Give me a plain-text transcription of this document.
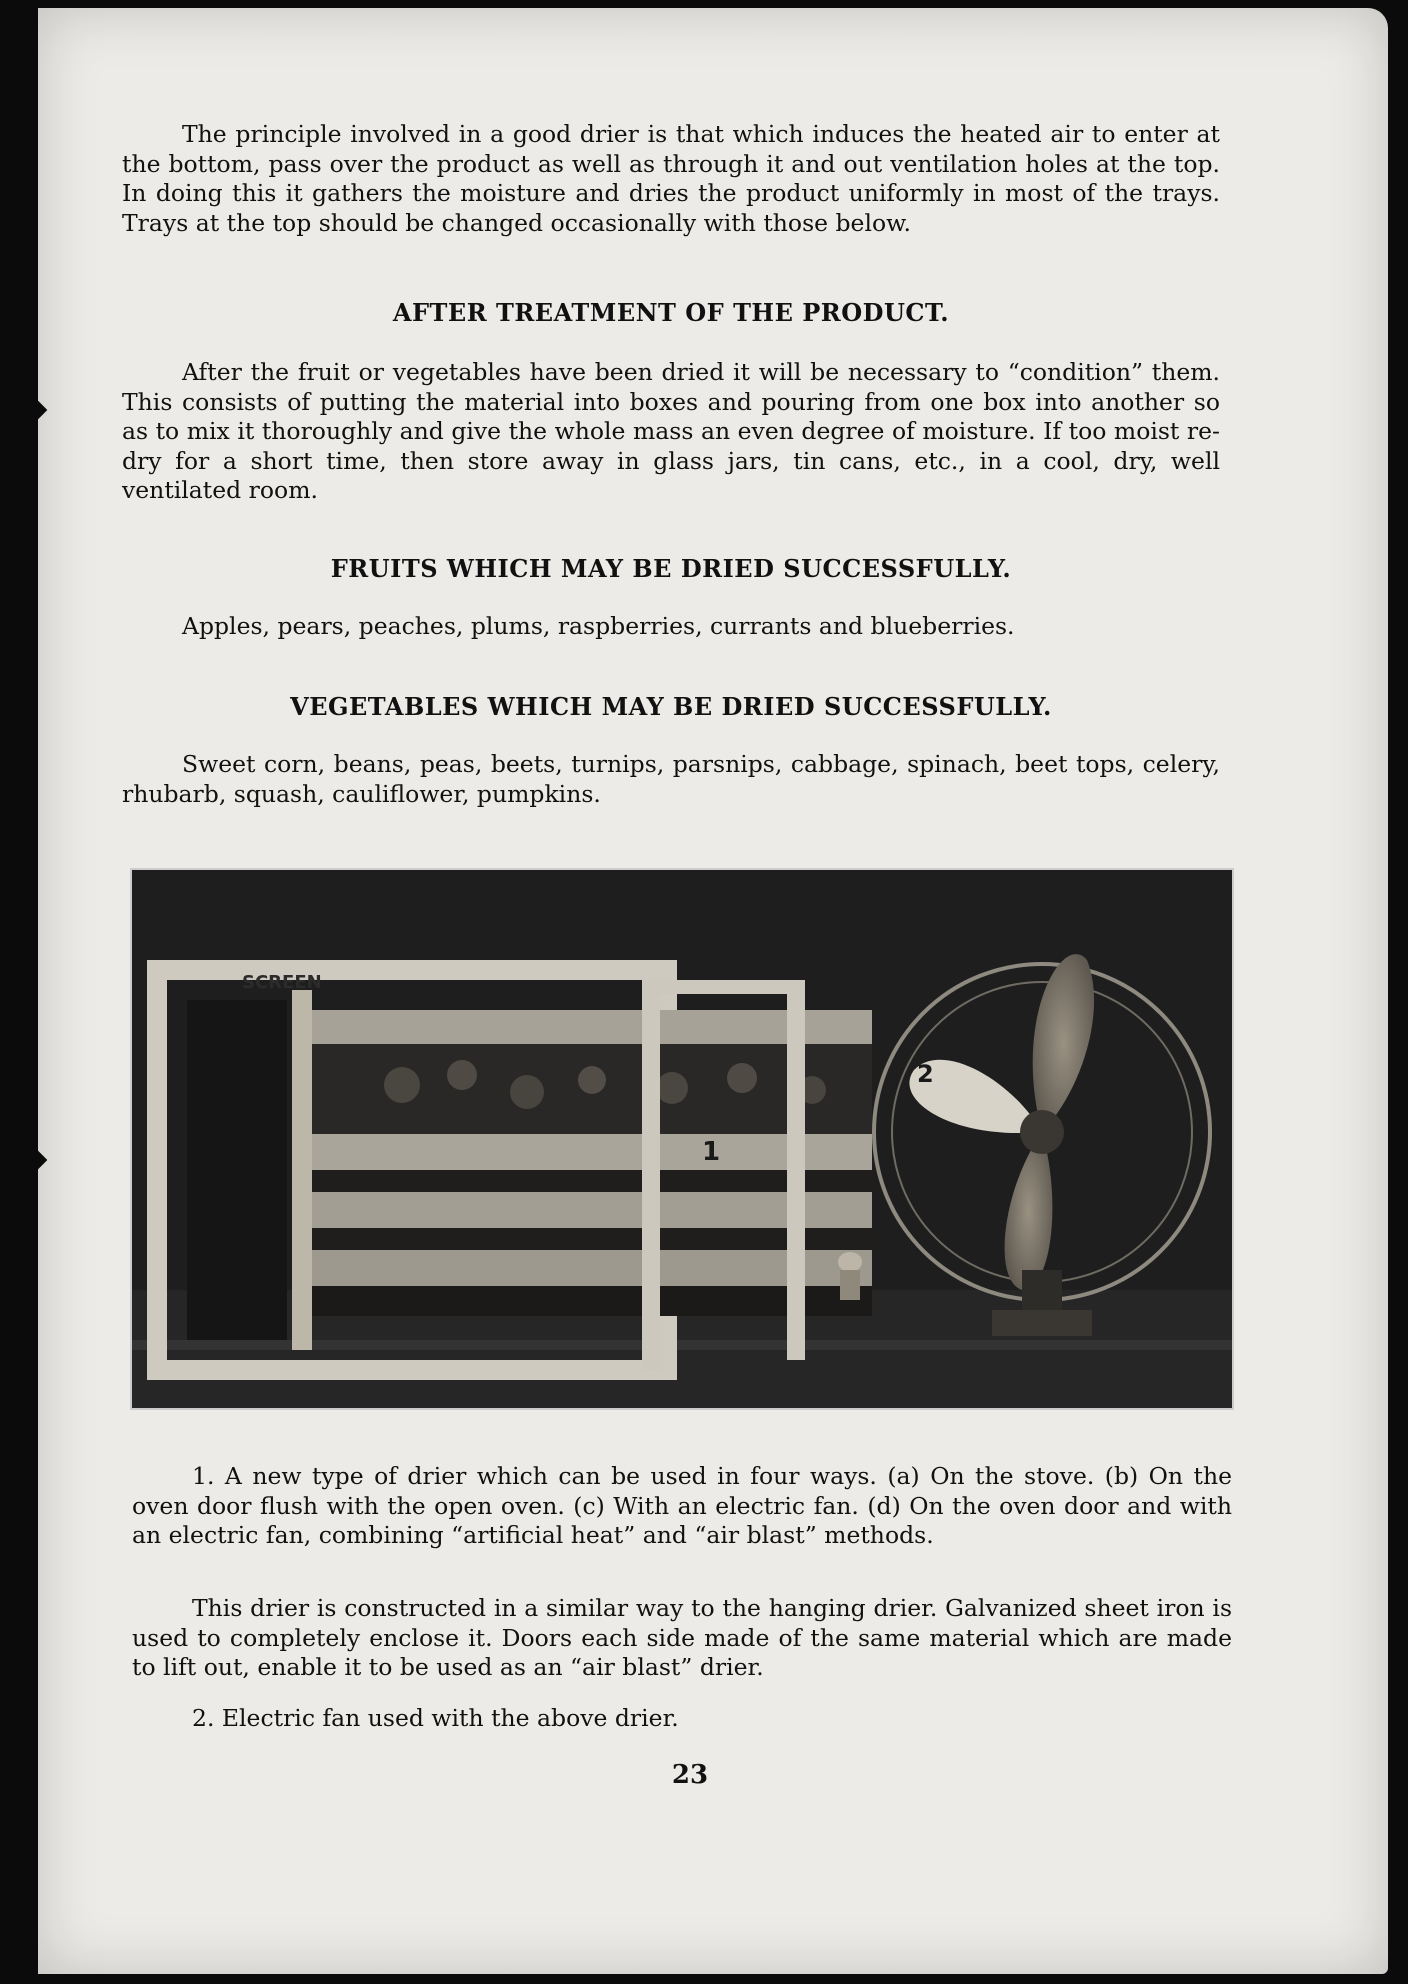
The principle involved in a good drier is that which induces the heated air to enter at the bottom, pass over the product as well as through it and out ventilation holes at the top. In doing this it gathers the moisture and dries the product uniformly in most of the trays. Trays at the top should be changed occasionally with those below.

AFTER TREATMENT OF THE PRODUCT.

After the fruit or vegetables have been dried it will be necessary to “condition” them. This consists of putting the material into boxes and pouring from one box into another so as to mix it thoroughly and give the whole mass an even degree of moisture. If too moist re-dry for a short time, then store away in glass jars, tin cans, etc., in a cool, dry, well ventilated room.

FRUITS WHICH MAY BE DRIED SUCCESSFULLY.

Apples, pears, peaches, plums, raspberries, currants and blueberries.

VEGETABLES WHICH MAY BE DRIED SUCCESSFULLY.

Sweet corn, beans, peas, beets, turnips, parsnips, cabbage, spinach, beet tops, celery, rhubarb, squash, cauliflower, pumpkins.

SCREEN
1
2

1. A new type of drier which can be used in four ways. (a) On the stove. (b) On the oven door flush with the open oven. (c) With an electric fan. (d) On the oven door and with an electric fan, combining “artificial heat” and “air blast” methods.

This drier is constructed in a similar way to the hanging drier. Galvanized sheet iron is used to completely enclose it. Doors each side made of the same material which are made to lift out, enable it to be used as an “air blast” drier.

2. Electric fan used with the above drier.

23
